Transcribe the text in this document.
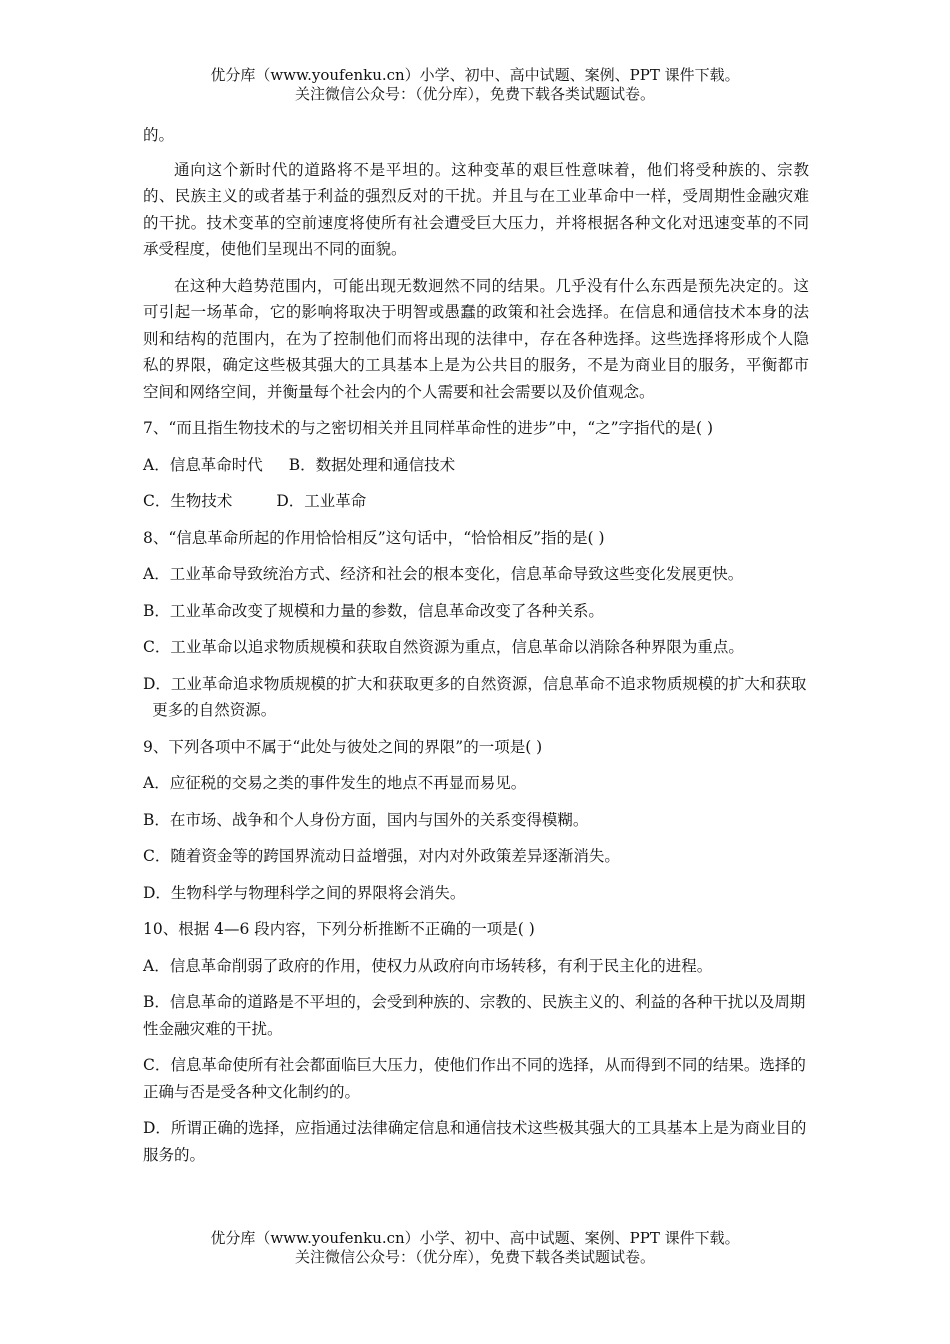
优分库（www.youfenku.cn）小学、初中、高中试题、案例、PPT 课件下载。
关注微信公众号：（优分库），免费下载各类试题试卷。

的。

通向这个新时代的道路将不是平坦的。这种变革的艰巨性意味着，他们将受种族的、宗教的、民族主义的或者基于利益的强烈反对的干扰。并且与在工业革命中一样，受周期性金融灾难的干扰。技术变革的空前速度将使所有社会遭受巨大压力，并将根据各种文化对迅速变革的不同承受程度，使他们呈现出不同的面貌。

在这种大趋势范围内，可能出现无数迥然不同的结果。几乎没有什么东西是预先决定的。这可引起一场革命，它的影响将取决于明智或愚蠢的政策和社会选择。在信息和通信技术本身的法则和结构的范围内，在为了控制他们而将出现的法律中，存在各种选择。这些选择将形成个人隐私的界限，确定这些极其强大的工具基本上是为公共目的服务，不是为商业目的服务，平衡都市空间和网络空间，并衡量每个社会内的个人需要和社会需要以及价值观念。

7、“而且指生物技术的与之密切相关并且同样革命性的进步”中，“之”字指代的是( )

A．信息革命时代 B．数据处理和通信技术

C．生物技术	D．工业革命

8、“信息革命所起的作用恰恰相反”这句话中，“恰恰相反”指的是( )

A．工业革命导致统治方式、经济和社会的根本变化，信息革命导致这些变化发展更快。

B．工业革命改变了规模和力量的参数，信息革命改变了各种关系。

C．工业革命以追求物质规模和获取自然资源为重点，信息革命以消除各种界限为重点。

D．工业革命追求物质规模的扩大和获取更多的自然资源，信息革命不追求物质规模的扩大和获取更多的自然资源。

9、下列各项中不属于“此处与彼处之间的界限”的一项是( )

A．应征税的交易之类的事件发生的地点不再显而易见。

B．在市场、战争和个人身份方面，国内与国外的关系变得模糊。

C．随着资金等的跨国界流动日益增强，对内对外政策差异逐渐消失。

D．生物科学与物理科学之间的界限将会消失。

10、根据 4—6 段内容，下列分析推断不正确的一项是( )

A．信息革命削弱了政府的作用，使权力从政府向市场转移，有利于民主化的进程。

B．信息革命的道路是不平坦的，会受到种族的、宗教的、民族主义的、利益的各种干扰以及周期性金融灾难的干扰。

C．信息革命使所有社会都面临巨大压力，使他们作出不同的选择，从而得到不同的结果。选择的正确与否是受各种文化制约的。

D．所谓正确的选择，应指通过法律确定信息和通信技术这些极其强大的工具基本上是为商业目的服务的。

优分库（www.youfenku.cn）小学、初中、高中试题、案例、PPT 课件下载。
关注微信公众号：（优分库），免费下载各类试题试卷。
